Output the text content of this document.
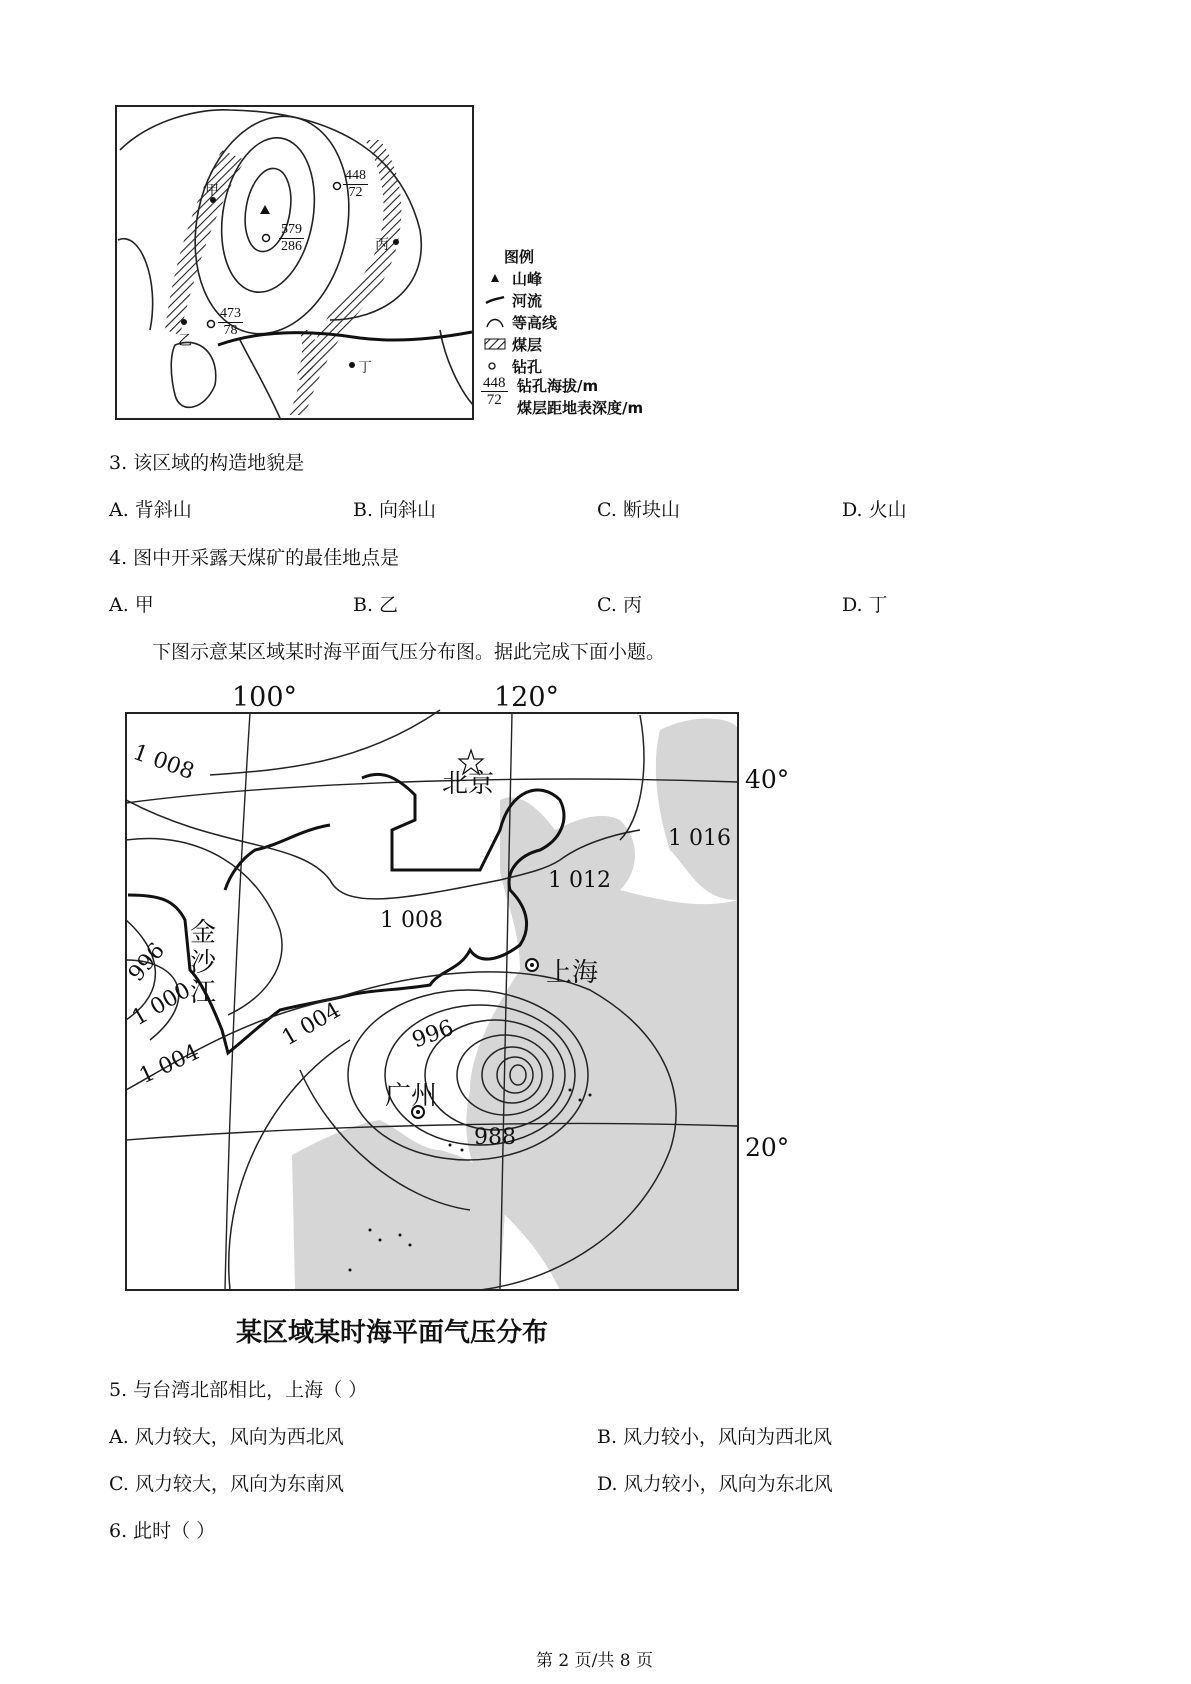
甲
乙
丙
丁
$\frac{448}{72}$
$\frac{579}{286}$
$\frac{473}{78}$
图例
山峰
河流
等高线
煤层
钻孔
$\frac{448}{72}$ 钻孔海拔/m
煤层距地表深度/m
3. 该区域的构造地貌是
A. 背斜山	B. 向斜山	C. 断块山	D. 火山
4. 图中开采露天煤矿的最佳地点是
A. 甲	B. 乙	C. 丙	D. 丁
下图示意某区域某时海平面气压分布图。据此完成下面小题。
100°	120°
40°
20°
1 008
1 016
1 012
1 008
996
1 000
1 004
1 004	996
988
北京
上海
广州
金沙江
某区域某时海平面气压分布
5. 与台湾北部相比，上海（ ）
A. 风力较大，风向为西北风	B. 风力较小，风向为西北风
C. 风力较大，风向为东南风	D. 风力较小，风向为东北风
6. 此时（ ）
第 2 页/共 8 页
